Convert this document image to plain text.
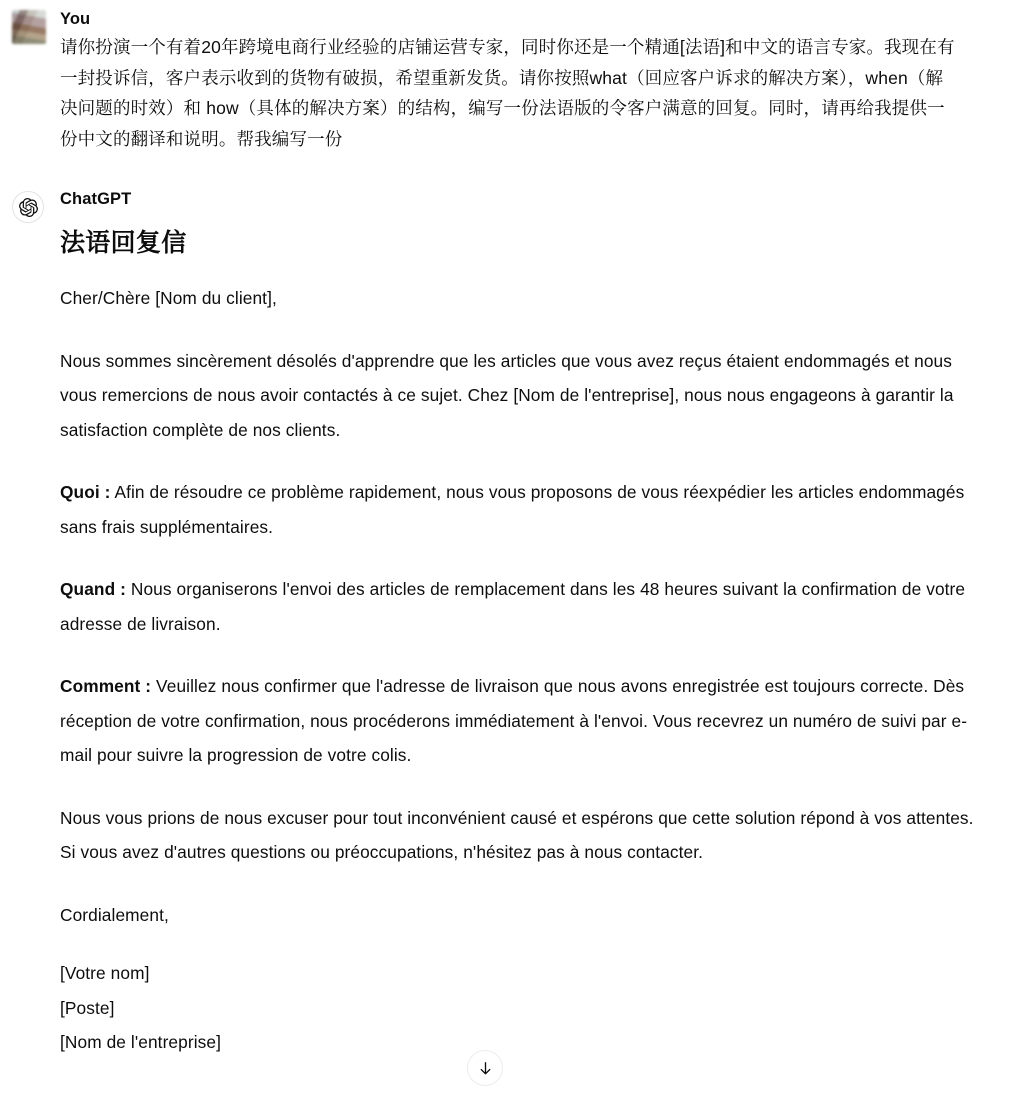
You
请你扮演一个有着20年跨境电商行业经验的店铺运营专家，同时你还是一个精通[法语]和中文的语言专家。我现在有一封投诉信，客户表示收到的货物有破损，希望重新发货。请你按照what（回应客户诉求的解决方案），when（解决问题的时效）和 how（具体的解决方案）的结构，编写一份法语版的令客户满意的回复。同时，请再给我提供一份中文的翻译和说明。帮我编写一份
ChatGPT
法语回复信

Cher/Chère [Nom du client],

Nous sommes sincèrement désolés d'apprendre que les articles que vous avez reçus étaient endommagés et nous vous remercions de nous avoir contactés à ce sujet. Chez [Nom de l'entreprise], nous nous engageons à garantir la satisfaction complète de nos clients.

Quoi : Afin de résoudre ce problème rapidement, nous vous proposons de vous réexpédier les articles endommagés sans frais supplémentaires.

Quand : Nous organiserons l'envoi des articles de remplacement dans les 48 heures suivant la confirmation de votre adresse de livraison.

Comment : Veuillez nous confirmer que l'adresse de livraison que nous avons enregistrée est toujours correcte. Dès réception de votre confirmation, nous procéderons immédiatement à l'envoi. Vous recevrez un numéro de suivi par e-mail pour suivre la progression de votre colis.

Nous vous prions de nous excuser pour tout inconvénient causé et espérons que cette solution répond à vos attentes. Si vous avez d'autres questions ou préoccupations, n'hésitez pas à nous contacter.

Cordialement,

[Votre nom]

[Poste]

[Nom de l'entreprise]
